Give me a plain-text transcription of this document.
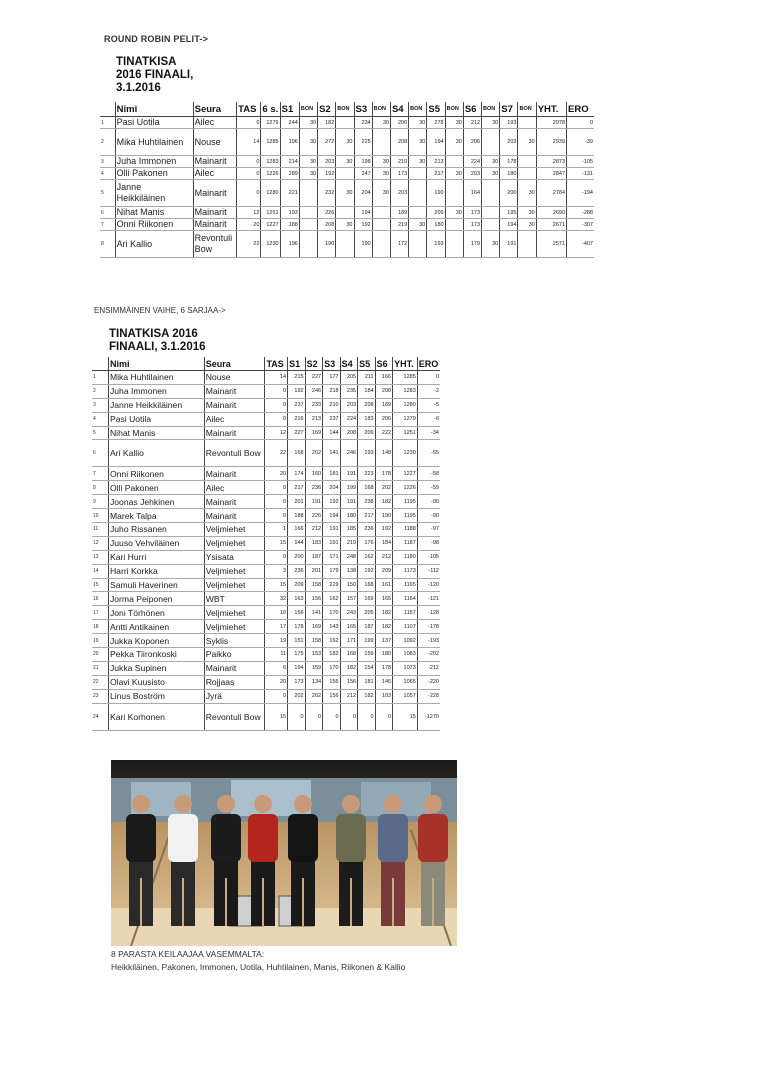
ROUND ROBIN PELIT->
TINATKISA
2016 FINAALI,
3.1.2016
	Nimi	Seura	TAS	6 s.	S1	BON	S2	BON	S3	BON	S4	BON	S5	BON	S6	BON	S7	BON	YHT.	ERO
1	Pasi Uotila	Ailec	0	1279	244	30	182		234	30	206	30	278	30	212	30	193		2978	0
2	Mika Huhtilainen	Nouse	14	1285	196	30	272	30	225		208	30	194	30	206		203	30	2939	-39
3	Juha Immonen	Mainarit	0	1283	214	30	203	30	198	30	210	30	213		224	30	178		2873	-105
4	Olli Pakonen	Ailec	0	1226	289	30	192		247	30	173		217	30	203	30	180		2847	-131
5	Janne Heikkiläinen	Mainarit	0	1280	221		232	30	204	30	203		190		164		200	30	2784	-194
6	Nihat Manis	Mainarit	12	1251	193		226		194		189		209	30	173		195	30	2690	-288
7	Onni Riikonen	Mainarit	20	1227	188		208	30	192		219	30	180		173		194	30	2671	-307
8	Ari Kallio	Revontuli Bow	22	1230	196		190		190		172		193		179	30	191		2571	-407
ENSIMMÄINEN VAIHE, 6 SARJAA->
TINATKISA 2016
FINAALI, 3.1.2016
	Nimi	Seura	TAS	S1	S2	S3	S4	S5	S6	YHT.	ERO
1	Mika Huhtilainen	Nouse	14	215	227	177	205	211	166	1285	0
2	Juha Immonen	Mainarit	0	192	246	218	235	184	208	1283	-2
3	Janne Heikkiläinen	Mainarit	0	237	233	210	203	208	189	1280	-5
4	Pasi Uotila	Ailec	0	216	213	237	224	183	206	1279	-6
5	Nihat Manis	Mainarit	12	227	169	144	208	209	222	1251	-34
6	Ari Kallio	Revontuli Bow	22	168	202	141	246	193	148	1230	-55
7	Onni Riikonen	Mainarit	20	174	160	181	191	223	178	1227	-58
8	Olli Pakonen	Ailec	0	217	236	204	199	168	202	1226	-59
9	Joonas Jehkinen	Mainarit	0	201	191	192	191	238	182	1195	-90
10	Marek Talpa	Mainarit	0	188	226	194	180	217	190	1195	-90
11	Juho Rissanen	Veljmiehet	1	166	212	191	185	236	192	1188	-97
12	Juuso Vehviläinen	Veljmiehet	15	144	183	191	219	176	184	1187	-98
13	Kari Hurri	Ysisata	0	200	187	171	248	162	212	1180	-105
14	Harri Korkka	Veljmiehet	3	236	201	179	138	192	209	1173	-112
15	Samuli Haverinen	Veljmiehet	15	209	158	229	150	168	161	1165	-120
16	Jorma Peiponen	WBT	32	163	156	162	157	169	165	1164	-121
17	Joni Törhönen	Veljmiehet	10	156	141	170	243	205	182	1157	-128
18	Antti Antikainen	Veljmiehet	17	178	169	143	165	187	182	1107	-178
19	Jukka Koponen	Syklis	19	151	158	162	171	199	137	1092	-193
20	Pekka Tiironkoski	Paikko	11	175	153	182	168	159	180	1083	-202
21	Jukka Supinen	Mainarit	6	194	159	170	182	154	178	1073	-212
22	Olavi Kuusisto	Rojjaas	20	173	134	155	156	181	146	1065	-220
23	Linus Boström	Jyrä	0	202	202	156	212	182	103	1057	-228
24	Kari Korhonen	Revontuli Bow	15	0	0	0	0	0	0	15	-1270
8 PARASTA KEILAAJAA VASEMMALTA:
Heikkiläinen, Pakonen, Immonen, Uotila, Huhtilainen, Manis, Riikonen & Kallio
